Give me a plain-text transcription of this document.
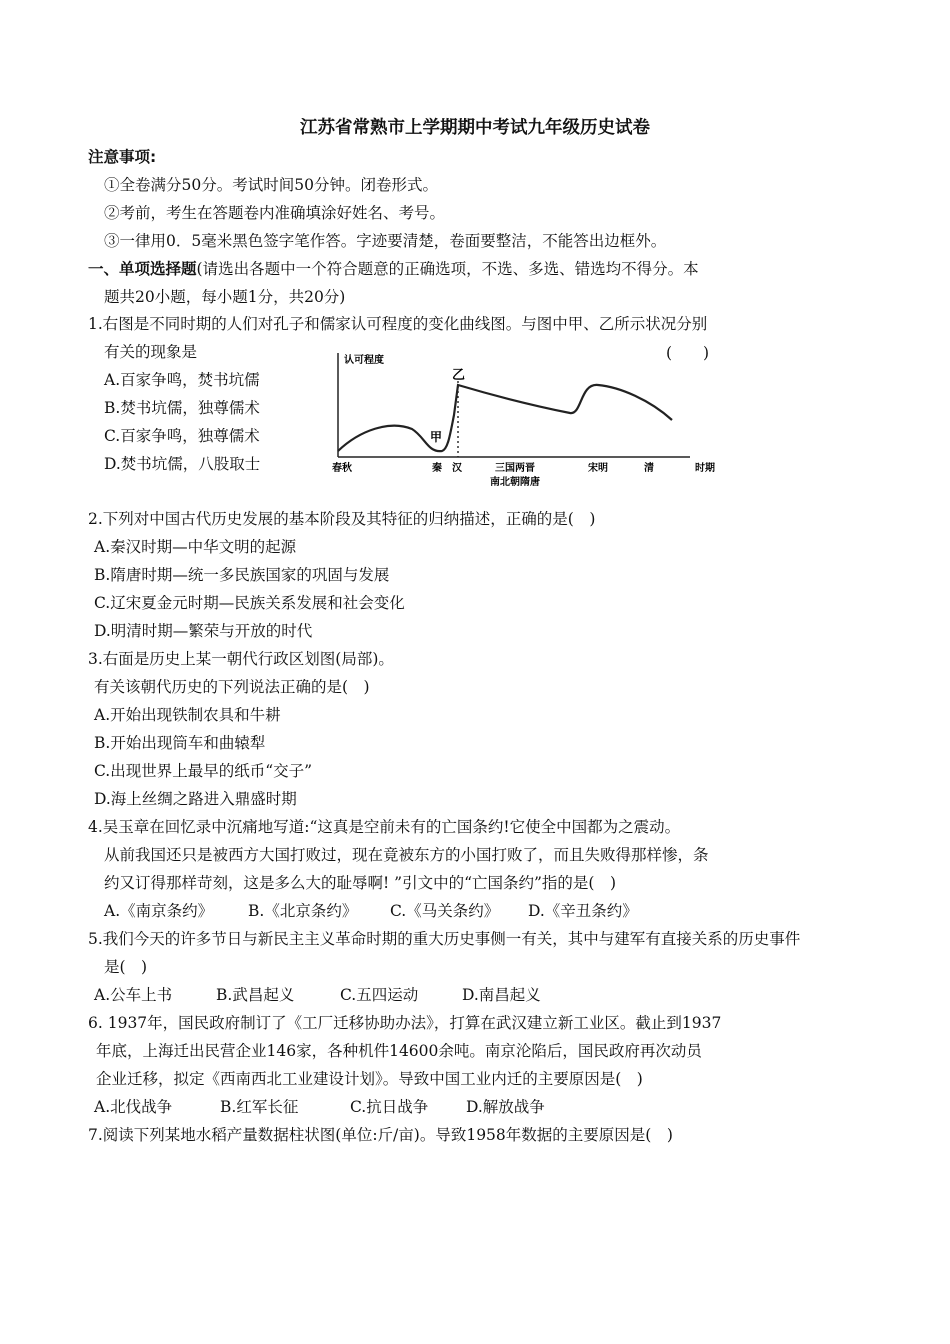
江苏省常熟市上学期期中考试九年级历史试卷
注意事项:
①全卷满分50分。考试时间50分钟。闭卷形式。
②考前，考生在答题卷内准确填涂好姓名、考号。
③一律用0．5毫米黑色签字笔作答。字迹要清楚，卷面要整洁，不能答出边框外。
一、单项选择题(请选出各题中一个符合题意的正确选项，不选、多选、错选均不得分。本
题共20小题，每小题1分，共20分)
1.右图是不同时期的人们对孔子和儒家认可程度的变化曲线图。与图中甲、乙所示状况分别
有关的现象是	(　　)
A.百家争鸣，焚书坑儒
B.焚书坑儒，独尊儒术
C.百家争鸣，独尊儒术
D.焚书坑儒，八股取士
认可程度
甲
乙
春秋	秦 汉	三国两晋
南北朝隋唐
宋明	清	时期
2.下列对中国古代历史发展的基本阶段及其特征的归纳描述，正确的是(　)
A.秦汉时期—中华文明的起源
B.隋唐时期—统一多民族国家的巩固与发展
C.辽宋夏金元时期—民族关系发展和社会变化
D.明清时期—繁荣与开放的时代
3.右面是历史上某一朝代行政区划图(局部)。
有关该朝代历史的下列说法正确的是(　)
A.开始出现铁制农具和牛耕
B.开始出现筒车和曲辕犁
C.出现世界上最早的纸币“交子”
D.海上丝绸之路进入鼎盛时期
4.吴玉章在回忆录中沉痛地写道:“这真是空前未有的亡国条约!它使全中国都为之震动。
从前我国还只是被西方大国打败过，现在竟被东方的小国打败了，而且失败得那样惨，条
约又订得那样苛刻，这是多么大的耻辱啊! ”引文中的“亡国条约”指的是(　)
A.《南京条约》 B.《北京条约》 C.《马关条约》 D.《辛丑条约》
5.我们今天的许多节日与新民主主义革命时期的重大历史事侧一有关，其中与建军有直接关系的历史事件
是(　)
A.公车上书	B.武昌起义	C.五四运动	D.南昌起义
6. 1937年，国民政府制订了《工厂迁移协助办法》，打算在武汉建立新工业区。截止到1937
年底，上海迁出民营企业146家，各种机件14600余吨。南京沦陷后，国民政府再次动员
企业迁移，拟定《西南西北工业建设计划》。导致中国工业内迁的主要原因是(　)
A.北伐战争	B.红军长征	C.抗日战争 D.解放战争
7.阅读下列某地水稻产量数据柱状图(单位:斤/亩)。导致1958年数据的主要原因是(　)
